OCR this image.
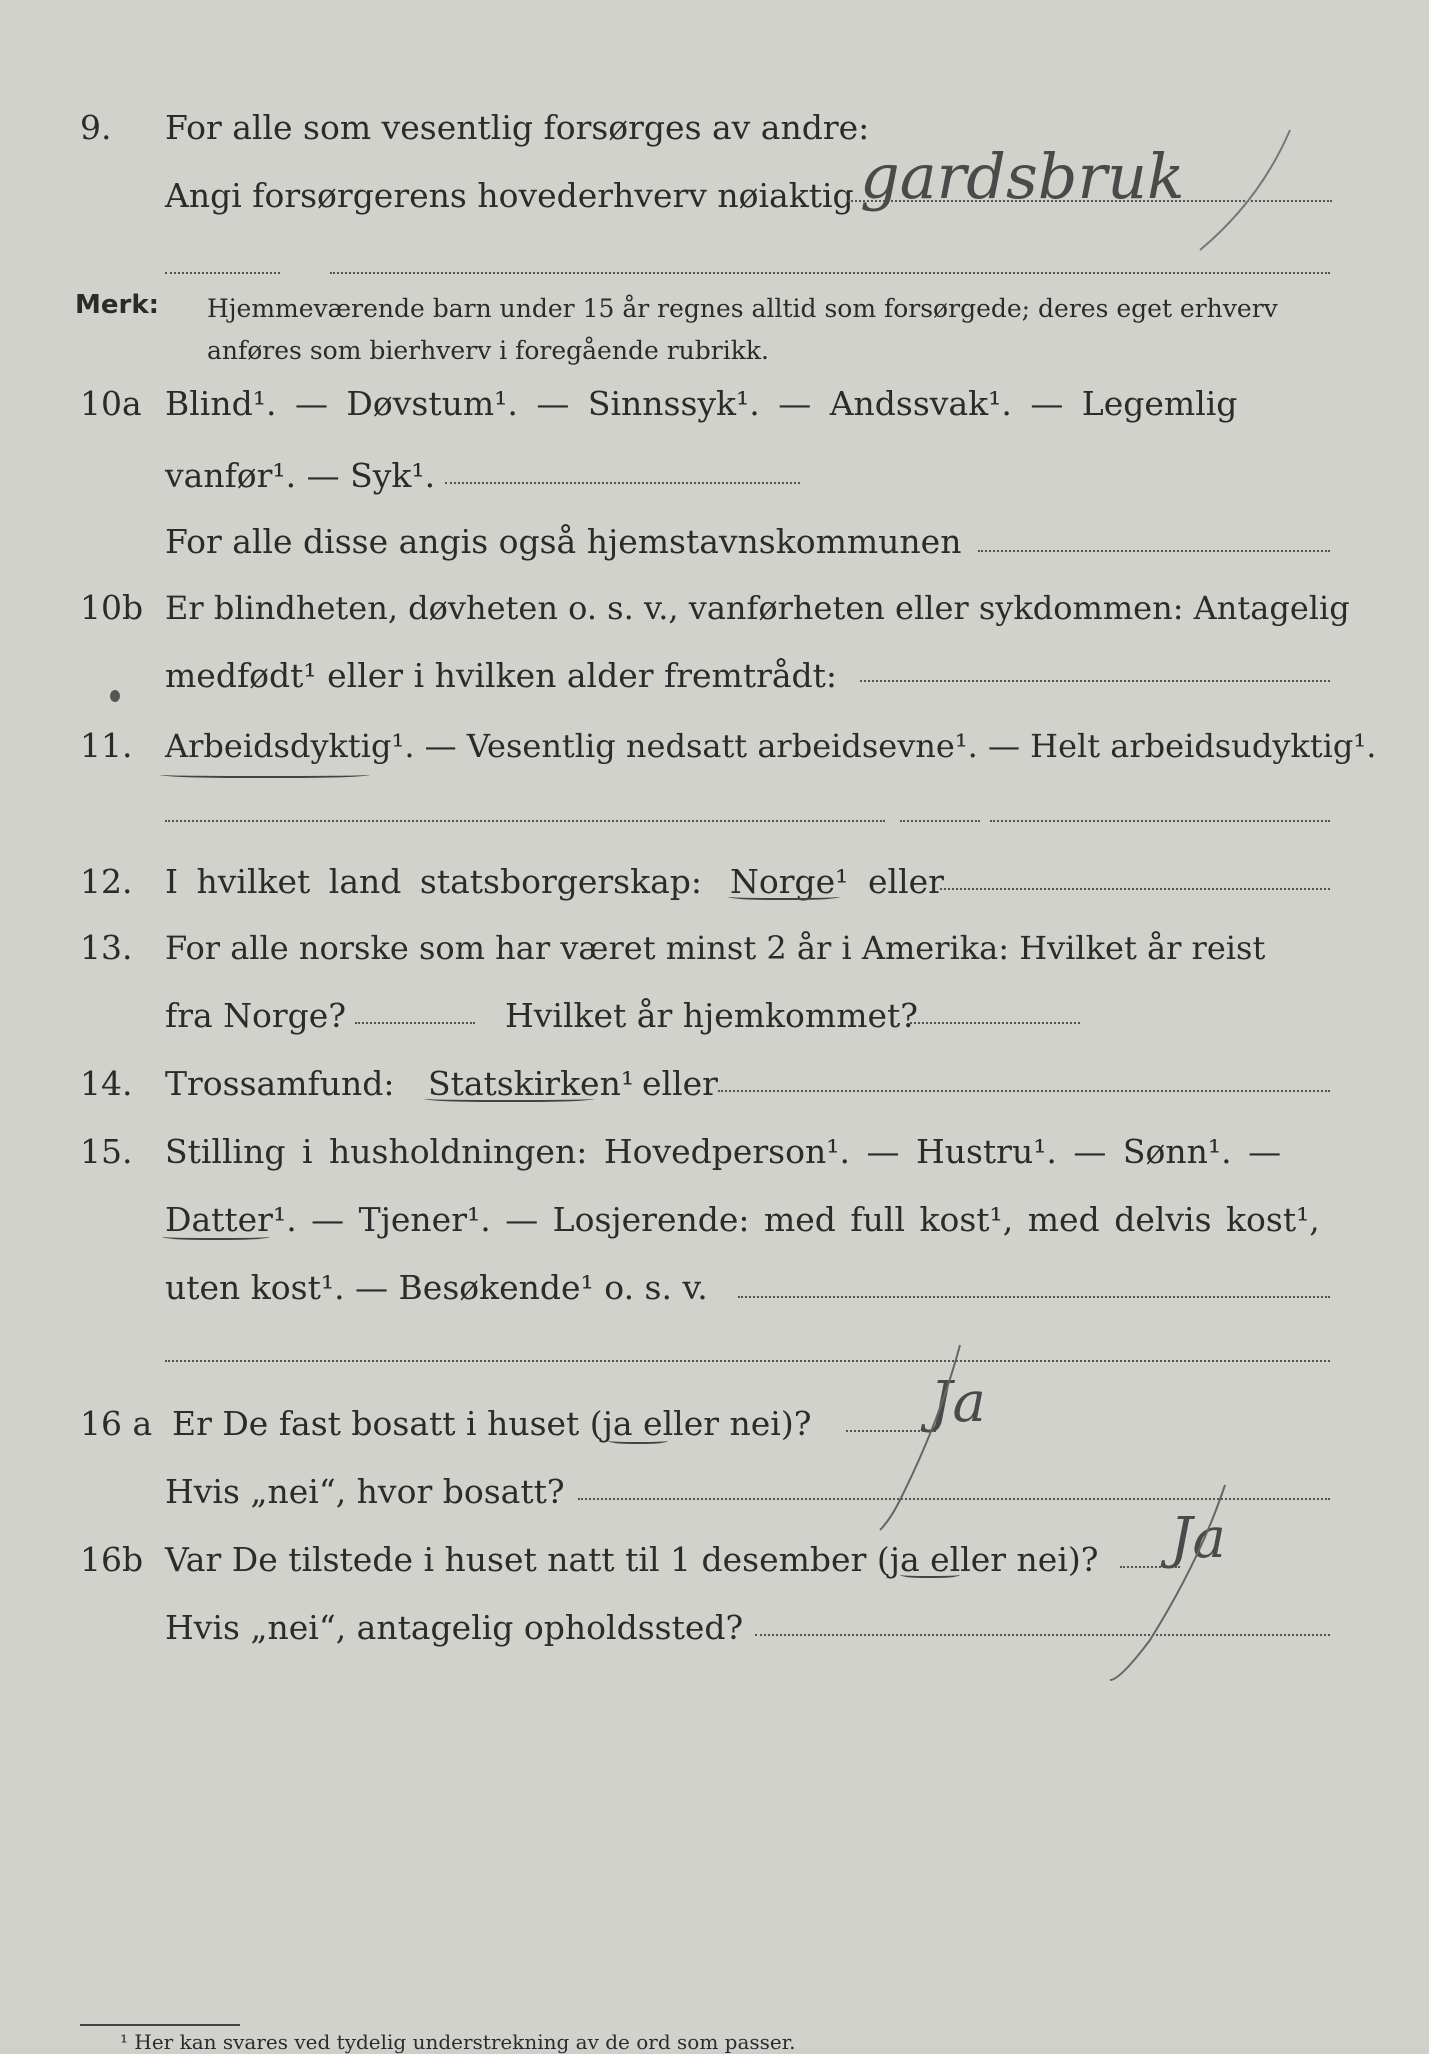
9. For alle som vesentlig forsørges av andre:
Angi forsørgerens hovederhverv nøiaktig gardsbruk
Merk: Hjemmeværende barn under 15 år regnes alltid som forsørgede; deres eget erhverv anføres som bierhverv i foregående rubrikk.
10a Blind¹. — Døvstum¹. — Sinnssyk¹. — Andssvak¹. — Legemlig
vanfør¹. — Syk¹.
For alle disse angis også hjemstavnskommunen
10b Er blindheten, døvheten o. s. v., vanførheten eller sykdommen: Antagelig
medfødt¹ eller i hvilken alder fremtrådt:
11. Arbeidsdyktig¹. — Vesentlig nedsatt arbeidsevne¹. — Helt arbeidsudyktig¹.
12. I hvilket land statsborgerskap: Norge¹ eller
13. For alle norske som har været minst 2 år i Amerika: Hvilket år reist
fra Norge?	Hvilket år hjemkommet?
14. Trossamfund: Statskirken¹ eller
15. Stilling i husholdningen: Hovedperson¹. — Hustru¹. — Sønn¹. —
Datter¹. — Tjener¹. — Losjerende: med full kost¹, med delvis kost¹,
uten kost¹. — Besøkende¹ o. s. v.
16 a Er De fast bosatt i huset (ja eller nei)? Ja
Hvis „nei“, hvor bosatt?
16b Var De tilstede i huset natt til 1 desember (ja eller nei)? Ja
Hvis „nei“, antagelig opholdssted?
¹ Her kan svares ved tydelig understrekning av de ord som passer.
